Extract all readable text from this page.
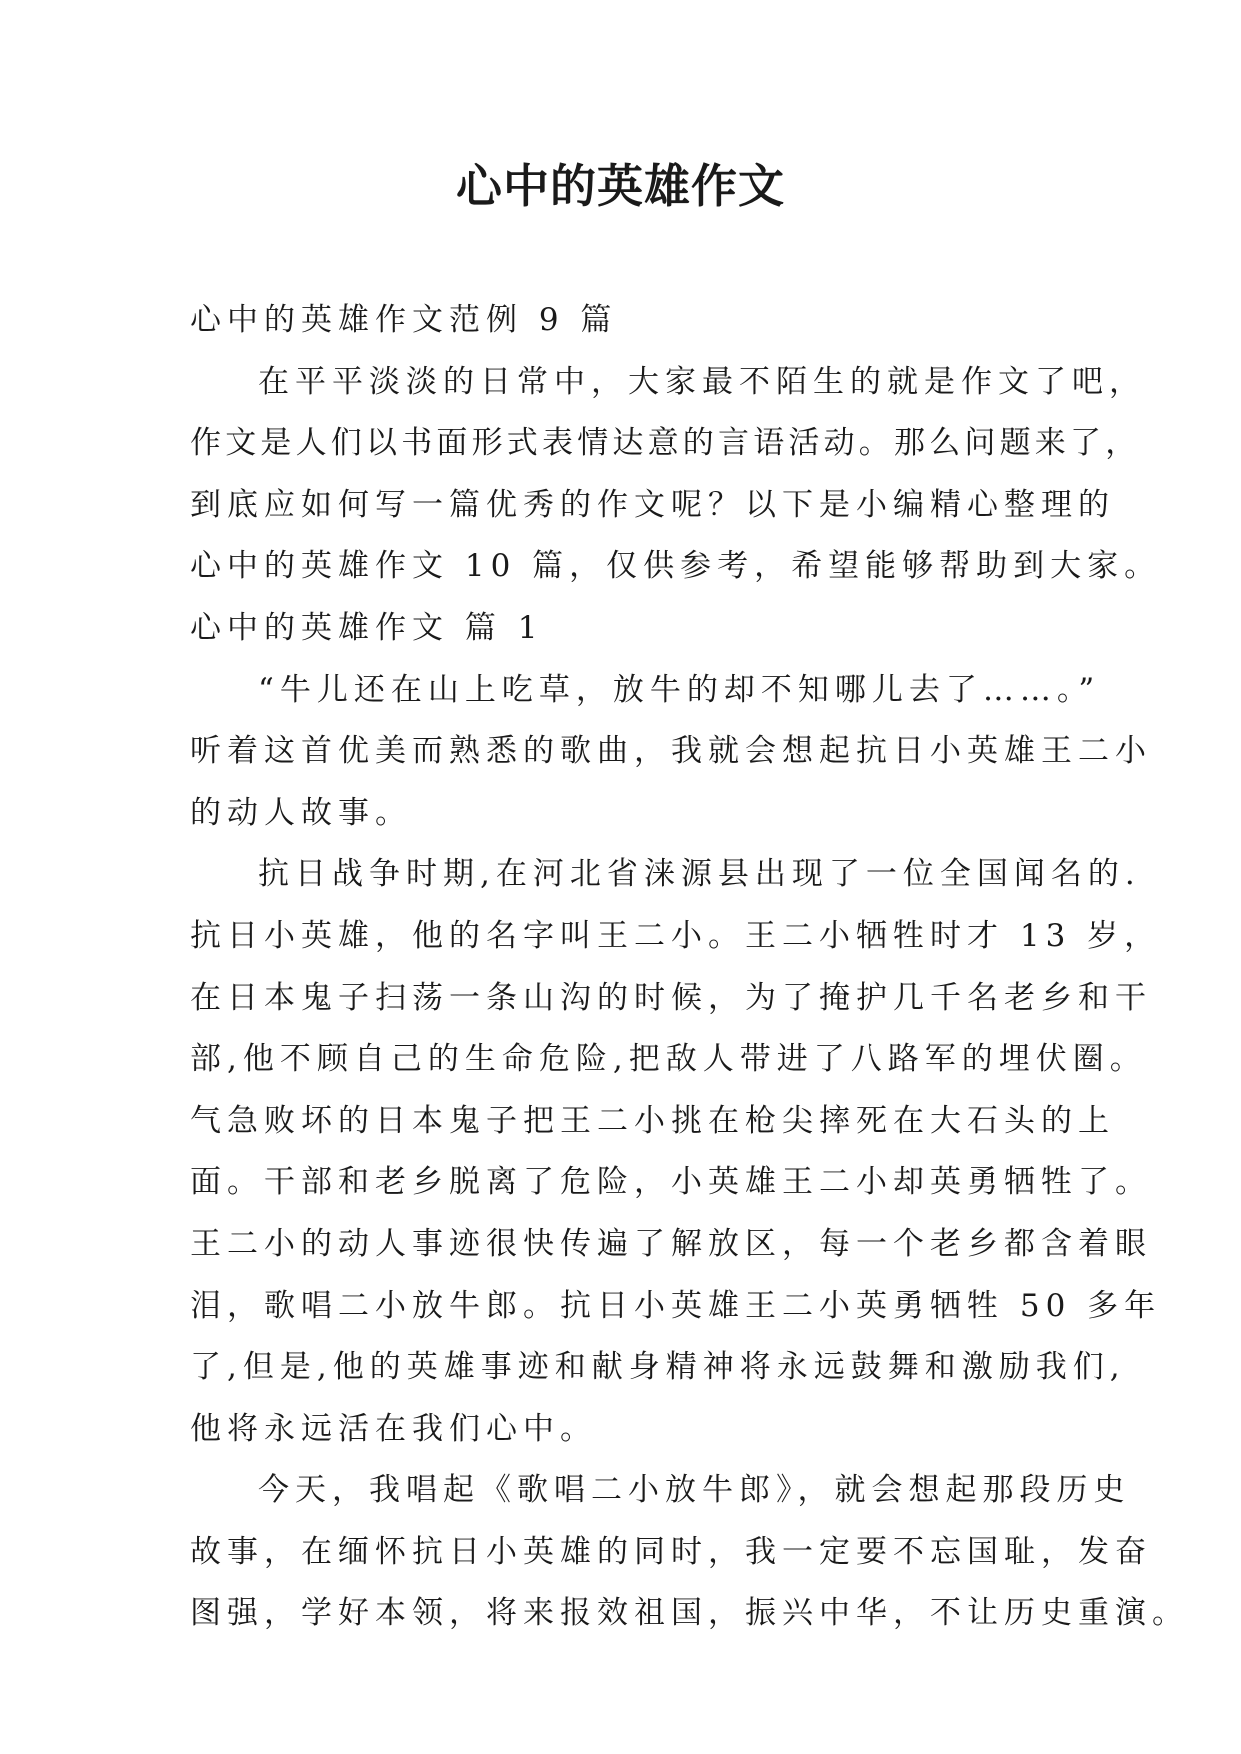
心中的英雄作文
心中的英雄作文范例 9 篇
在平平淡淡的日常中，大家最不陌生的就是作文了吧，
作文是人们以书面形式表情达意的言语活动。那么问题来了，
到底应如何写一篇优秀的作文呢？以下是小编精心整理的
心中的英雄作文 10 篇，仅供参考，希望能够帮助到大家。
心中的英雄作文 篇 1
“牛儿还在山上吃草，放牛的却不知哪儿去了……。”
听着这首优美而熟悉的歌曲，我就会想起抗日小英雄王二小
的动人故事。
抗日战争时期,在河北省涞源县出现了一位全国闻名的.
抗日小英雄，他的名字叫王二小。王二小牺牲时才 13 岁，
在日本鬼子扫荡一条山沟的时候，为了掩护几千名老乡和干
部,他不顾自己的生命危险,把敌人带进了八路军的埋伏圈。
气急败坏的日本鬼子把王二小挑在枪尖摔死在大石头的上
面。干部和老乡脱离了危险，小英雄王二小却英勇牺牲了。
王二小的动人事迹很快传遍了解放区，每一个老乡都含着眼
泪，歌唱二小放牛郎。抗日小英雄王二小英勇牺牲 50 多年
了,但是,他的英雄事迹和献身精神将永远鼓舞和激励我们,
他将永远活在我们心中。
今天，我唱起《歌唱二小放牛郎》，就会想起那段历史
故事，在缅怀抗日小英雄的同时，我一定要不忘国耻，发奋
图强，学好本领，将来报效祖国，振兴中华，不让历史重演。
